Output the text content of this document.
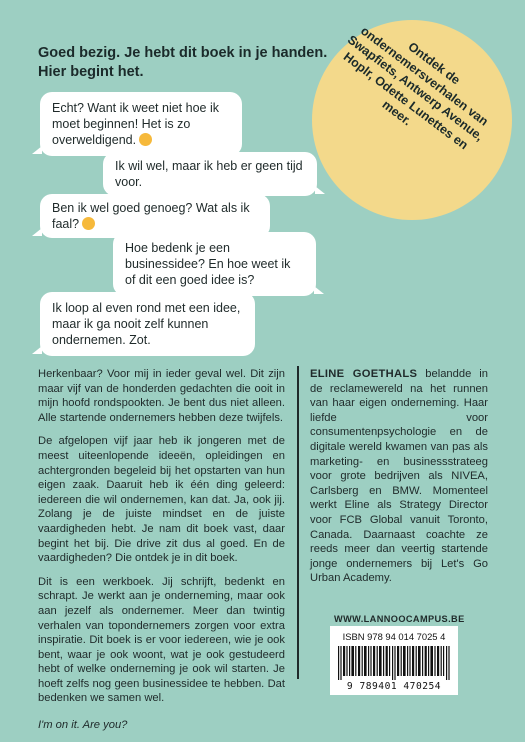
Goed bezig. Je hebt dit boek in je handen.
Hier begint het.	Ontdek de ondernemersverhalen van Swapfiets, Antwerp Avenue, Hoplr, Odette Lunettes en meer.
Echt? Want ik weet niet hoe ik moet beginnen! Het is zo overweldigend.
Ik wil wel, maar ik heb er geen tijd voor.
Ben ik wel goed genoeg? Wat als ik faal?
Hoe bedenk je een businessidee? En hoe weet ik of dit een goed idee is?
Ik loop al even rond met een idee, maar ik ga nooit zelf kunnen ondernemen. Zot.

Herkenbaar? Voor mij in ieder geval wel. Dit zijn maar vijf van de honderden gedachten die ooit in mijn hoofd rondspookten. Je bent dus niet alleen. Alle startende ondernemers hebben deze twijfels.

De afgelopen vijf jaar heb ik jongeren met de meest uiteenlopende ideeën, opleidingen en achtergronden begeleid bij het opstarten van hun eigen zaak. Daaruit heb ik één ding geleerd: iedereen die wil ondernemen, kan dat. Ja, ook jij. Zolang je de juiste mindset en de juiste vaardigheden hebt. Je nam dit boek vast, daar begint het bij. Die drive zit dus al goed. En de vaardigheden? Die ontdek je in dit boek.

Dit is een werkboek. Jij schrijft, bedenkt en schrapt. Je werkt aan je onderneming, maar ook aan jezelf als ondernemer. Meer dan twintig verhalen van topondernemers zorgen voor extra inspiratie. Dit boek is er voor iedereen, wie je ook bent, waar je ook woont, wat je ook gestudeerd hebt of welke onderneming je ook wil starten. Je hoeft zelfs nog geen businessidee te hebben. Dat bedenken we samen wel.

I'm on it. Are you?

ELINE GOETHALS belandde in de reclamewereld na het runnen van haar eigen onderneming. Haar liefde voor consumentenpsychologie en de digitale wereld kwamen van pas als marketing- en businessstrateeg voor grote bedrijven als NIVEA, Carlsberg en BMW. Momenteel werkt Eline als Strategy Director voor FCB Global vanuit Toronto, Canada. Daarnaast coachte ze reeds meer dan veertig startende jonge ondernemers bij Let's Go Urban Academy.
WWW.LANNOOCAMPUS.BE
ISBN 978 94 014 7025 4
9 789401 470254
